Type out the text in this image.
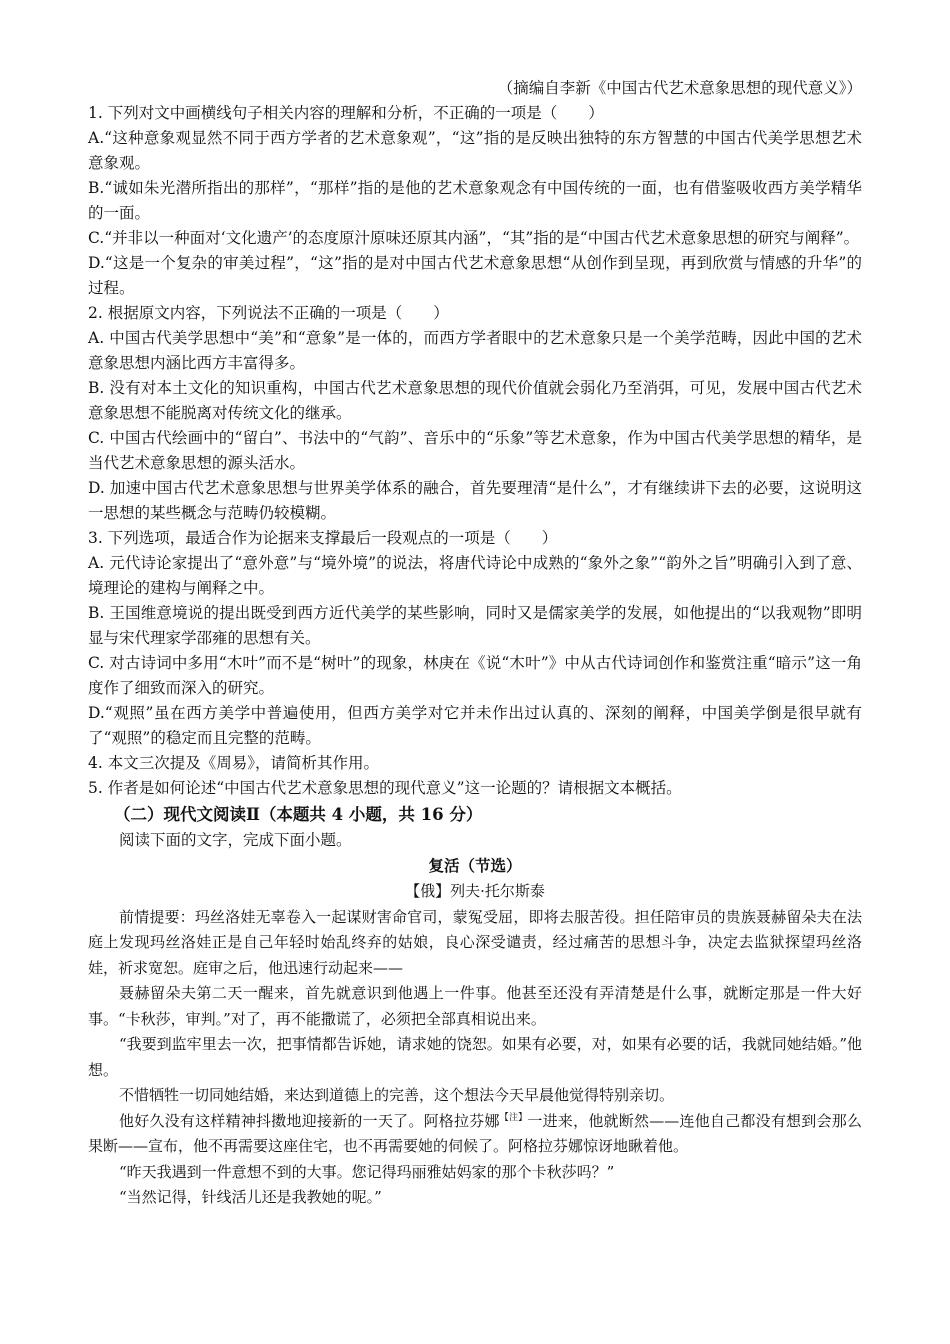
（摘编自李新《中国古代艺术意象思想的现代意义》）
1. 下列对文中画横线句子相关内容的理解和分析，不正确的一项是（　　）
A.“这种意象观显然不同于西方学者的艺术意象观”，“这”指的是反映出独特的东方智慧的中国古代美学思想艺术意象观。
B.“诚如朱光潜所指出的那样”，“那样”指的是他的艺术意象观念有中国传统的一面，也有借鉴吸收西方美学精华的一面。
C.“并非以一种面对‘文化遗产’的态度原汁原味还原其内涵”，“其”指的是“中国古代艺术意象思想的研究与阐释”。
D.“这是一个复杂的审美过程”，“这”指的是对中国古代艺术意象思想“从创作到呈现，再到欣赏与情感的升华”的过程。
2. 根据原文内容，下列说法不正确的一项是（　　）
A. 中国古代美学思想中“美”和“意象”是一体的，而西方学者眼中的艺术意象只是一个美学范畴，因此中国的艺术意象思想内涵比西方丰富得多。
B. 没有对本土文化的知识重构，中国古代艺术意象思想的现代价值就会弱化乃至消弭，可见，发展中国古代艺术意象思想不能脱离对传统文化的继承。
C. 中国古代绘画中的“留白”、书法中的“气韵”、音乐中的“乐象”等艺术意象，作为中国古代美学思想的精华，是当代艺术意象思想的源头活水。
D. 加速中国古代艺术意象思想与世界美学体系的融合，首先要理清“是什么”，才有继续讲下去的必要，这说明这一思想的某些概念与范畴仍较模糊。
3. 下列选项，最适合作为论据来支撑最后一段观点的一项是（　　）
A. 元代诗论家提出了“意外意”与“境外境”的说法，将唐代诗论中成熟的“象外之象”“韵外之旨”明确引入到了意、境理论的建构与阐释之中。
B. 王国维意境说的提出既受到西方近代美学的某些影响，同时又是儒家美学的发展，如他提出的“以我观物”即明显与宋代理家学邵雍的思想有关。
C. 对古诗词中多用“木叶”而不是“树叶”的现象，林庚在《说“木叶”》中从古代诗词创作和鉴赏注重“暗示”这一角度作了细致而深入的研究。
D.“观照”虽在西方美学中普遍使用，但西方美学对它并未作出过认真的、深刻的阐释，中国美学倒是很早就有了“观照”的稳定而且完整的范畴。
4. 本文三次提及《周易》，请简析其作用。
5. 作者是如何论述“中国古代艺术意象思想的现代意义”这一论题的？请根据文本概括。
（二）现代文阅读Ⅱ（本题共 4 小题，共 16 分）
阅读下面的文字，完成下面小题。
复活（节选）
【俄】列夫·托尔斯泰
前情提要：玛丝洛娃无辜卷入一起谋财害命官司，蒙冤受屈，即将去服苦役。担任陪审员的贵族聂赫留朵夫在法庭上发现玛丝洛娃正是自己年轻时始乱终弃的姑娘，良心深受谴责，经过痛苦的思想斗争，决定去监狱探望玛丝洛娃，祈求宽恕。庭审之后，他迅速行动起来——
聂赫留朵夫第二天一醒来，首先就意识到他遇上一件事。他甚至还没有弄清楚是什么事，就断定那是一件大好事。“卡秋莎，审判。”对了，再不能撒谎了，必须把全部真相说出来。
“我要到监牢里去一次，把事情都告诉她，请求她的饶恕。如果有必要，对，如果有必要的话，我就同她结婚。”他想。
不惜牺牲一切同她结婚，来达到道德上的完善，这个想法今天早晨他觉得特别亲切。
他好久没有这样精神抖擞地迎接新的一天了。阿格拉芬娜$^{【注】}$一进来，他就断然——连他自己都没有想到会那么果断——宣布，他不再需要这座住宅，也不再需要她的伺候了。阿格拉芬娜惊讶地瞅着他。
“昨天我遇到一件意想不到的大事。您记得玛丽雅姑妈家的那个卡秋莎吗？”
“当然记得，针线活儿还是我教她的呢。”
